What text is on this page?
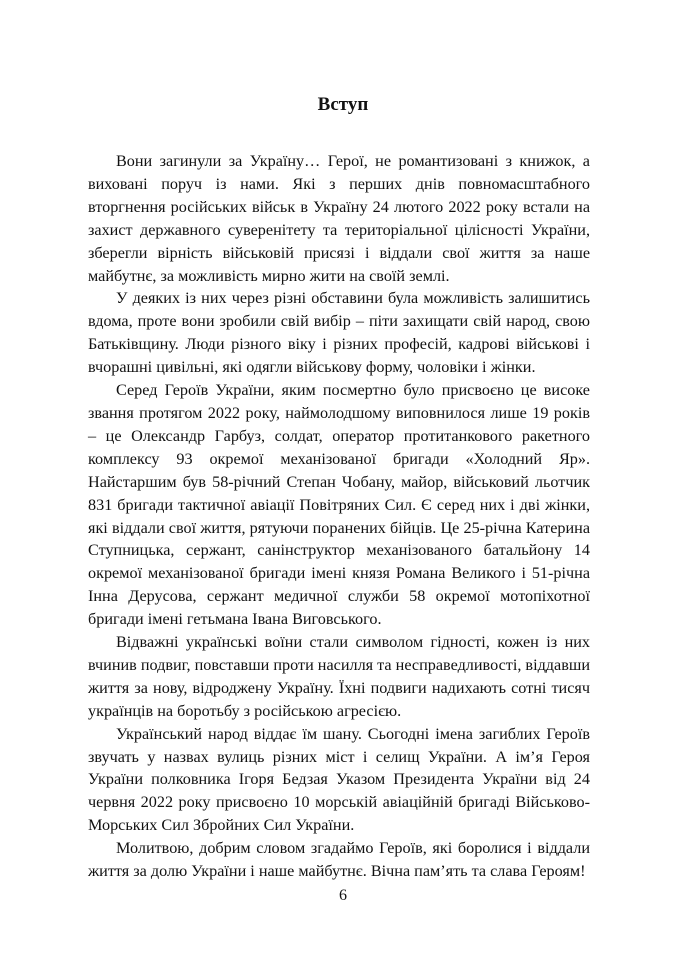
Вступ

Вони загинули за Україну… Герої, не романтизовані з книжок, а виховані поруч із нами. Які з перших днів повномасштабного вторгнення російських військ в Україну 24 лютого 2022 року встали на захист державного суверенітету та територіальної цілісності України, зберегли вірність військовій присязі і віддали свої життя за наше майбутнє, за можливість мирно жити на своїй землі.

У деяких із них через різні обставини була можливість залишитись вдома, проте вони зробили свій вибір – піти захищати свій народ, свою Батьківщину. Люди різного віку і різних професій, кадрові військові і вчорашні цивільні, які одягли військову форму, чоловіки і жінки.

Серед Героїв України, яким посмертно було присвоєно це високе звання протягом 2022 року, наймолодшому виповнилося лише 19 років – це Олександр Гарбуз, солдат, оператор протитанкового ракетного комплексу 93 окремої механізованої бригади «Холодний Яр». Найстаршим був 58-річний Степан Чобану, майор, військовий льотчик 831 бригади тактичної авіації Повітряних Сил. Є серед них і дві жінки, які віддали свої життя, рятуючи поранених бійців. Це 25-річна Катерина Ступницька, сержант, санінструктор механізованого батальйону 14 окремої механізованої бригади імені князя Романа Великого і 51-річна Інна Дерусова, сержант медичної служби 58 окремої мотопіхотної бригади імені гетьмана Івана Виговського.

Відважні українські воїни стали символом гідності, кожен із них вчинив подвиг, повставши проти насилля та несправедливості, віддавши життя за нову, відроджену Україну. Їхні подвиги надихають сотні тисяч українців на боротьбу з російською агресією.

Український народ віддає їм шану. Сьогодні імена загиблих Героїв звучать у назвах вулиць різних міст і селищ України. А ім’я Героя України полковника Ігоря Бедзая Указом Президента України від 24 червня 2022 року присвоєно 10 морській авіаційній бригаді Військово-Морських Сил Збройних Сил України.

Молитвою, добрим словом згадаймо Героїв, які боролися і віддали життя за долю України і наше майбутнє. Вічна пам’ять та слава Героям!

6
